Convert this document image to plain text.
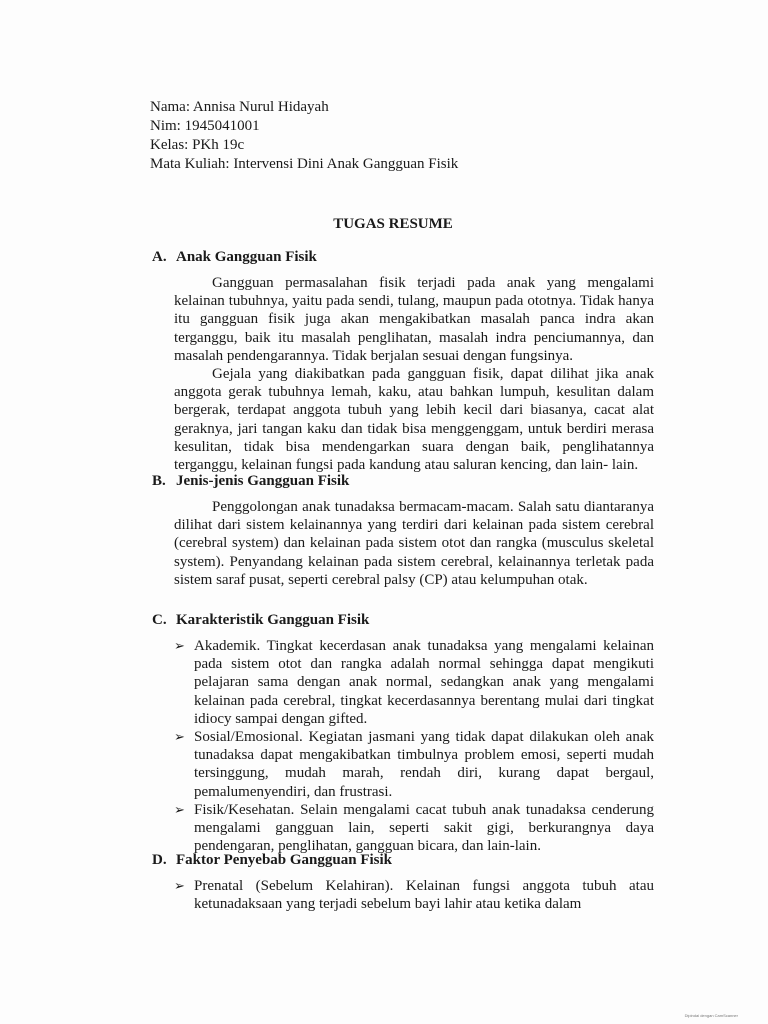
Nama: Annisa Nurul Hidayah
Nim: 1945041001
Kelas: PKh 19c
Mata Kuliah: Intervensi Dini Anak Gangguan Fisik
TUGAS RESUME
A. Anak Gangguan Fisik

Gangguan permasalahan fisik terjadi pada anak yang mengalami kelainan tubuhnya, yaitu pada sendi, tulang, maupun pada ototnya. Tidak hanya itu gangguan fisik juga akan mengakibatkan masalah panca indra akan terganggu, baik itu masalah penglihatan, masalah indra penciumannya, dan masalah pendengarannya. Tidak berjalan sesuai dengan fungsinya.

Gejala yang diakibatkan pada gangguan fisik, dapat dilihat jika anak anggota gerak tubuhnya lemah, kaku, atau bahkan lumpuh, kesulitan dalam bergerak, terdapat anggota tubuh yang lebih kecil dari biasanya, cacat alat geraknya, jari tangan kaku dan tidak bisa menggenggam, untuk berdiri merasa kesulitan, tidak bisa mendengarkan suara dengan baik, penglihatannya terganggu, kelainan fungsi pada kandung atau saluran kencing, dan lain- lain.

B. Jenis-jenis Gangguan Fisik

Penggolongan anak tunadaksa bermacam-macam. Salah satu diantaranya dilihat dari sistem kelainannya yang terdiri dari kelainan pada sistem cerebral (cerebral system) dan kelainan pada sistem otot dan rangka (musculus skeletal system). Penyandang kelainan pada sistem cerebral, kelainannya terletak pada sistem saraf pusat, seperti cerebral palsy (CP) atau kelumpuhan otak.

C. Karakteristik Gangguan Fisik
➢ Akademik. Tingkat kecerdasan anak tunadaksa yang mengalami kelainan pada sistem otot dan rangka adalah normal sehingga dapat mengikuti pelajaran sama dengan anak normal, sedangkan anak yang mengalami kelainan pada cerebral, tingkat kecerdasannya berentang mulai dari tingkat idiocy sampai dengan gifted.
➢ Sosial/Emosional. Kegiatan jasmani yang tidak dapat dilakukan oleh anak tunadaksa dapat mengakibatkan timbulnya problem emosi, seperti mudah tersinggung, mudah marah, rendah diri, kurang dapat bergaul, pemalumenyendiri, dan frustrasi.
➢ Fisik/Kesehatan. Selain mengalami cacat tubuh anak tunadaksa cenderung mengalami gangguan lain, seperti sakit gigi, berkurangnya daya pendengaran, penglihatan, gangguan bicara, dan lain-lain.
D. Faktor Penyebab Gangguan Fisik
➢ Prenatal (Sebelum Kelahiran). Kelainan fungsi anggota tubuh atau ketunadaksaan yang terjadi sebelum bayi lahir atau ketika dalam
Dipindai dengan CamScanner
